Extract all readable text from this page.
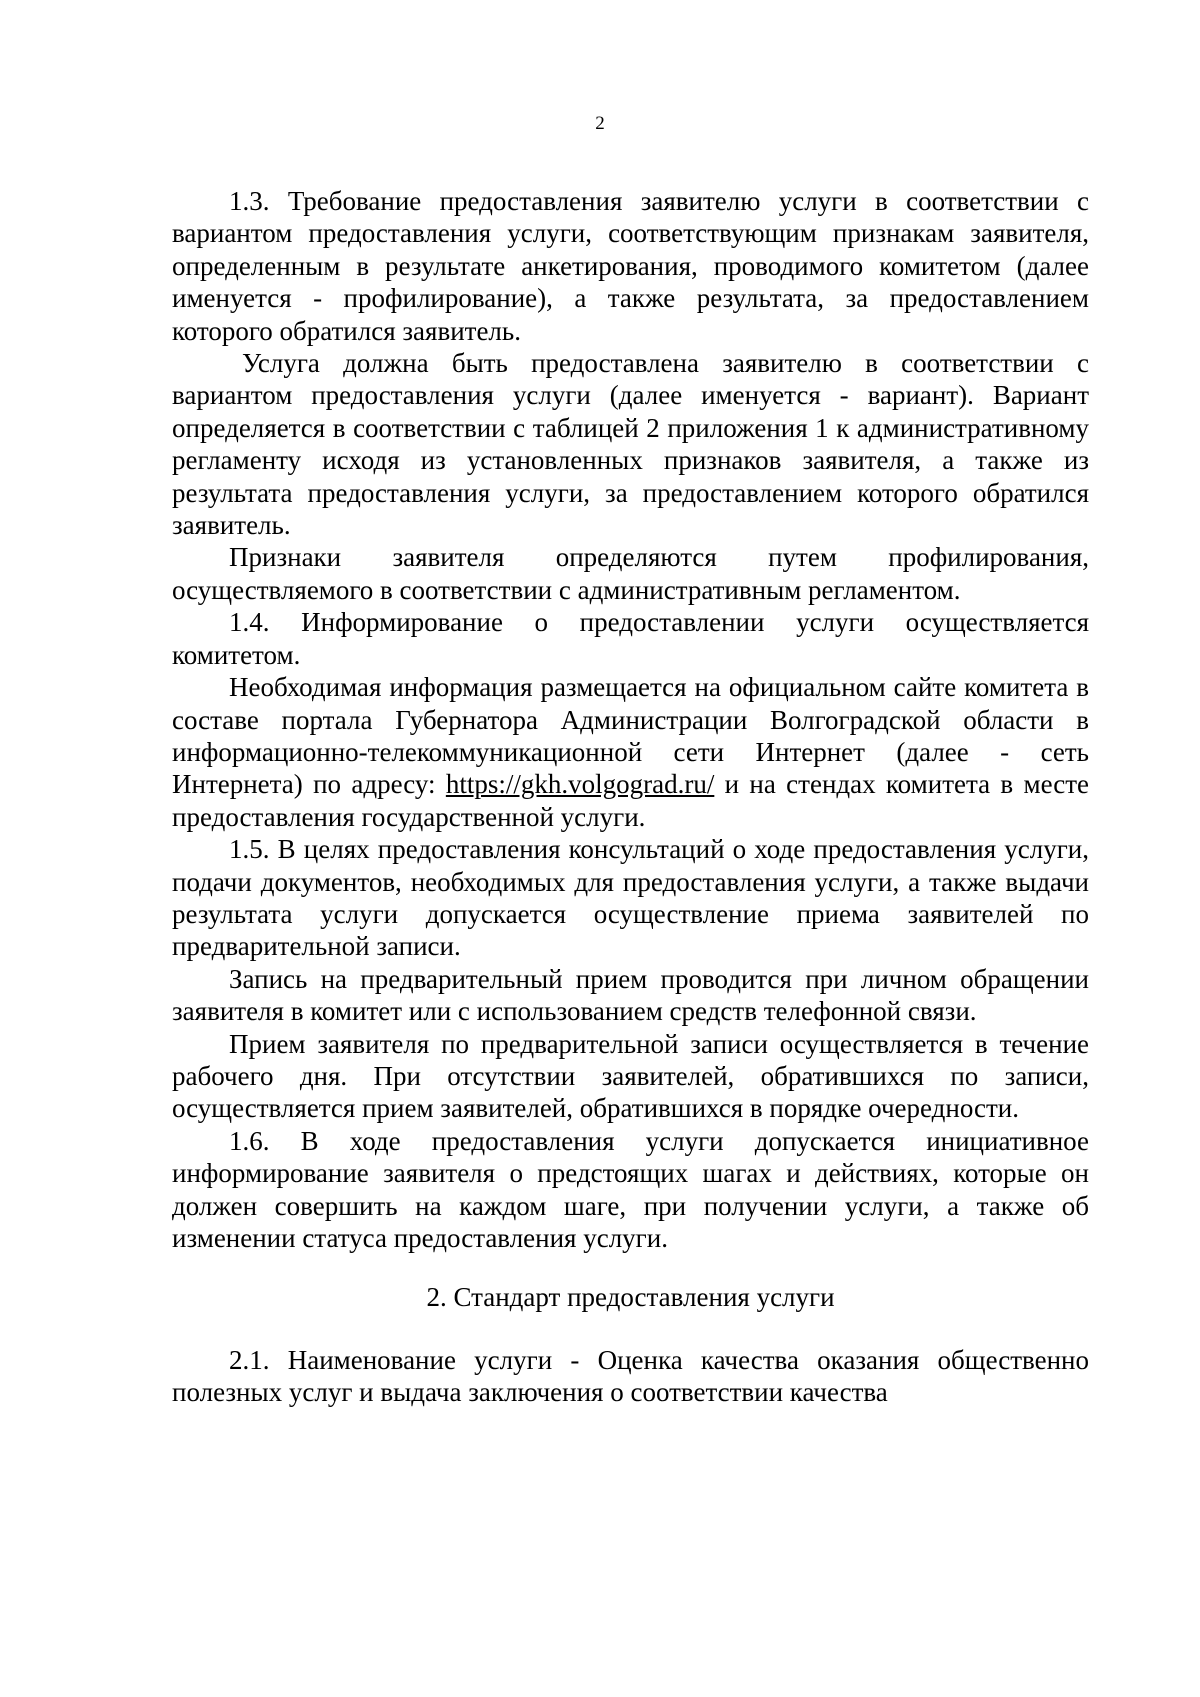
2

1.3. Требование предоставления заявителю услуги в соответствии с вариантом предоставления услуги, соответствующим признакам заявителя, определенным в результате анкетирования, проводимого комитетом (далее именуется - профилирование), а также результата, за предоставлением которого обратился заявитель.

Услуга должна быть предоставлена заявителю в соответствии с вариантом предоставления услуги (далее именуется - вариант). Вариант определяется в соответствии с таблицей 2 приложения 1 к административному регламенту исходя из установленных признаков заявителя, а также из результата предоставления услуги, за предоставлением которого обратился заявитель.

Признаки заявителя определяются путем профилирования, осуществляемого в соответствии с административным регламентом.

1.4. Информирование о предоставлении услуги осуществляется комитетом.

Необходимая информация размещается на официальном сайте комитета в составе портала Губернатора Администрации Волгоградской области в информационно-телекоммуникационной сети Интернет (далее - сеть Интернета) по адресу: https://gkh.volgograd.ru/ и на стендах комитета в месте предоставления государственной услуги.

1.5. В целях предоставления консультаций о ходе предоставления услуги, подачи документов, необходимых для предоставления услуги, а также выдачи результата услуги допускается осуществление приема заявителей по предварительной записи.

Запись на предварительный прием проводится при личном обращении заявителя в комитет или с использованием средств телефонной связи.

Прием заявителя по предварительной записи осуществляется в течение рабочего дня. При отсутствии заявителей, обратившихся по записи, осуществляется прием заявителей, обратившихся в порядке очередности.

1.6. В ходе предоставления услуги допускается инициативное информирование заявителя о предстоящих шагах и действиях, которые он должен совершить на каждом шаге, при получении услуги, а также об изменении статуса предоставления услуги.

2. Стандарт предоставления услуги

2.1. Наименование услуги - Оценка качества оказания общественно полезных услуг и выдача заключения о соответствии качества
